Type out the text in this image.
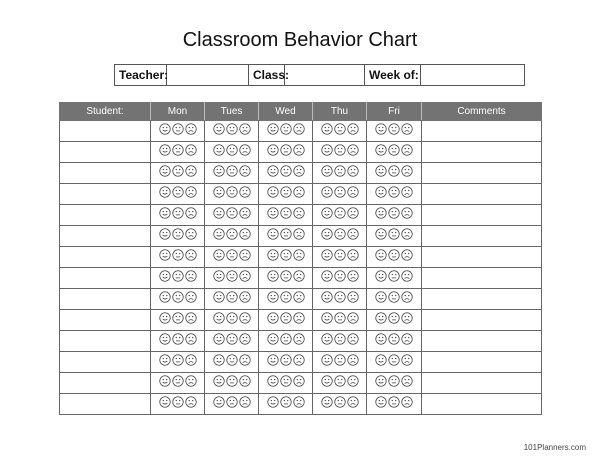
Classroom Behavior Chart
Teacher:		Class:		Week of:	
Student:	Mon	Tues	Wed	Thu	Fri	Comments

101Planners.com
